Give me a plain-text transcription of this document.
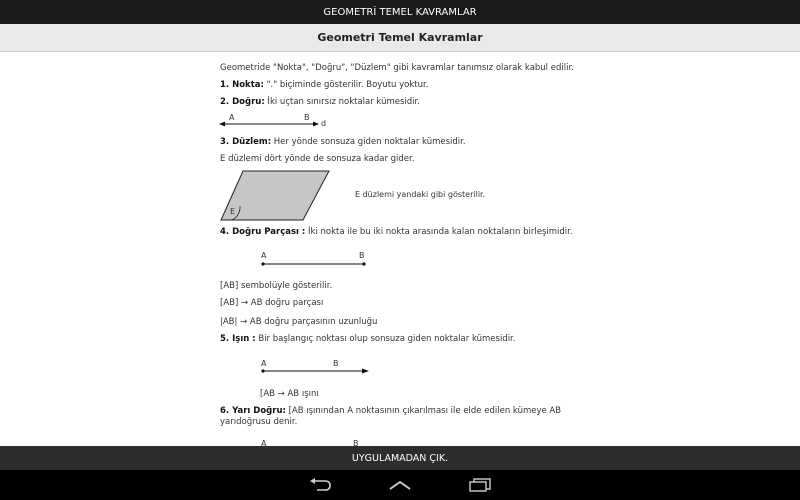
GEOMETRİ TEMEL KAVRAMLAR
Geometri Temel Kavramlar
Geometride "Nokta", "Doğru", "Düzlem" gibi kavramlar tanımsız olarak kabul edilir.
1. Nokta: "." biçiminde gösterilir. Boyutu yoktur.
2. Doğru: İki uçtan sınırsız noktalar kümesidir.
A	B
d
3. Düzlem: Her yönde sonsuza giden noktalar kümesidir.
E düzlemi dört yönde de sonsuza kadar gider.
E
E düzlemi yandaki gibi gösterilir.
4. Doğru Parçası : İki nokta ile bu iki nokta arasında kalan noktaların birleşimidir.
A	B
[AB] sembolüyle gösterilir.
[AB] → AB doğru parçası
|AB| → AB doğru parçasının uzunluğu
5. Işın : Bir başlangıç noktası olup sonsuza giden noktalar kümesidir.
A	B
[AB → AB ışını
6. Yarı Doğru: [AB ışınından A noktasının çıkarılması ile elde edilen kümeye AB
yarıdoğrusu denir.
A	B
UYGULAMADAN ÇIK.
